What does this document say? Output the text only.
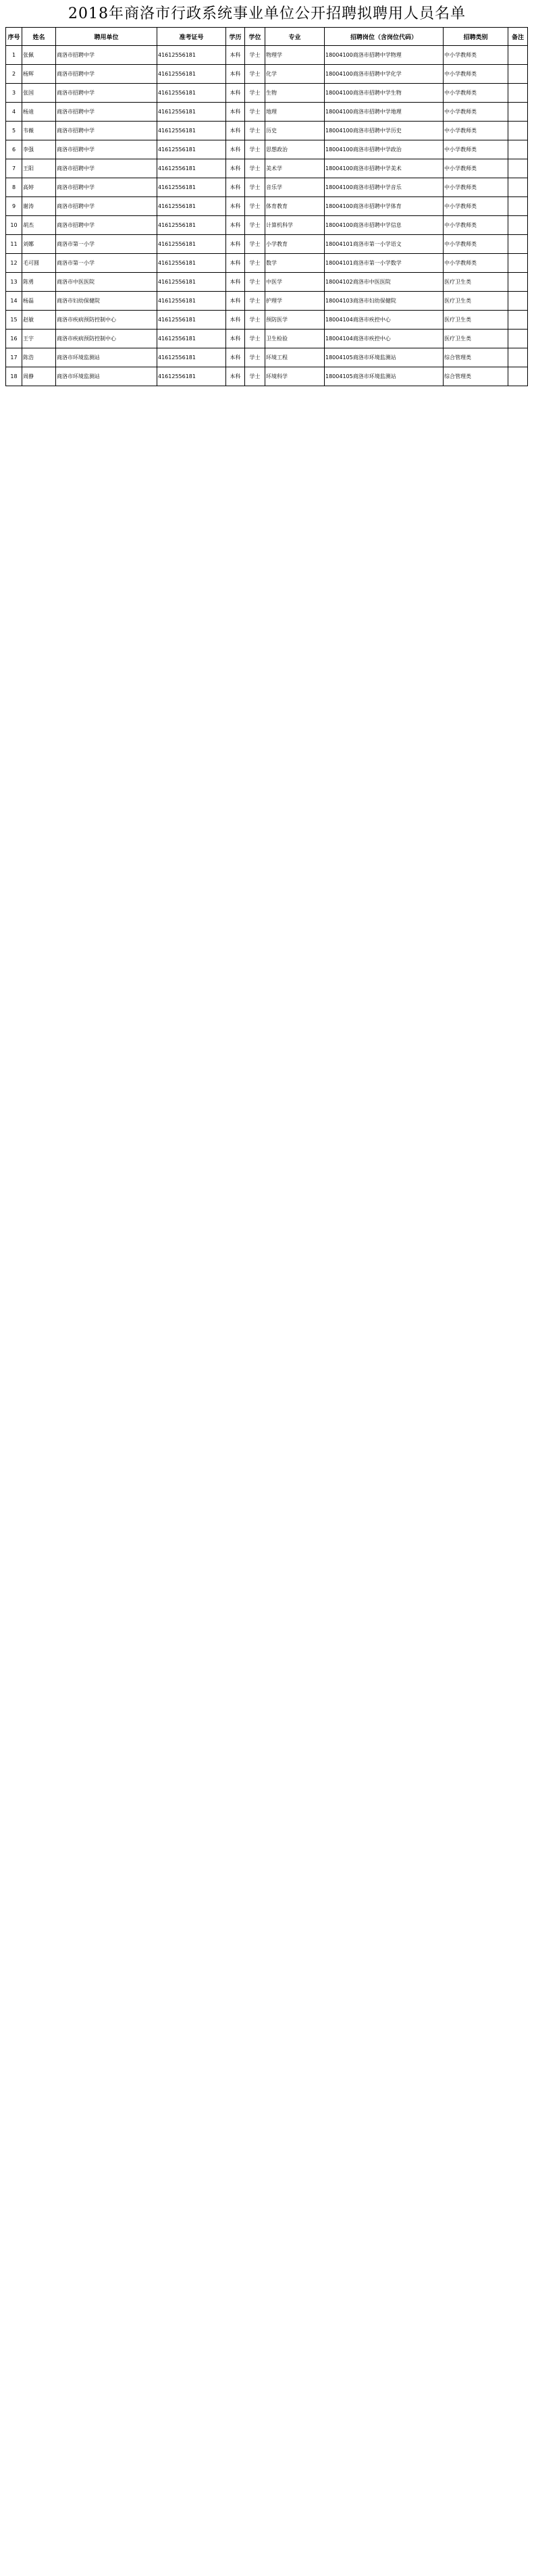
2018年商洛市行政系统事业单位公开招聘拟聘用人员名单
序号	姓名	聘用单位	准考证号	学历	学位	专业	招聘岗位（含岗位代码）	招聘类别	备注
1	张佩	商洛市招聘中学	41612556181	本科	学士	物理学	18004100商洛市招聘中学物理	中小学教师类	
2	杨辉	商洛市招聘中学	41612556181	本科	学士	化学	18004100商洛市招聘中学化学	中小学教师类	
3	张国	商洛市招聘中学	41612556181	本科	学士	生物	18004100商洛市招聘中学生物	中小学教师类	
4	杨迪	商洛市招聘中学	41612556181	本科	学士	地理	18004100商洛市招聘中学地理	中小学教师类	
5	韦薇	商洛市招聘中学	41612556181	本科	学士	历史	18004100商洛市招聘中学历史	中小学教师类	
6	李强	商洛市招聘中学	41612556181	本科	学士	思想政治	18004100商洛市招聘中学政治	中小学教师类	
7	王阳	商洛市招聘中学	41612556181	本科	学士	美术学	18004100商洛市招聘中学美术	中小学教师类	
8	高婷	商洛市招聘中学	41612556181	本科	学士	音乐学	18004100商洛市招聘中学音乐	中小学教师类	
9	谢涛	商洛市招聘中学	41612556181	本科	学士	体育教育	18004100商洛市招聘中学体育	中小学教师类	
10	胡杰	商洛市招聘中学	41612556181	本科	学士	计算机科学	18004100商洛市招聘中学信息	中小学教师类	
11	刘娜	商洛市第一小学	41612556181	本科	学士	小学教育	18004101商洛市第一小学语文	中小学教师类	
12	毛可圆	商洛市第一小学	41612556181	本科	学士	数学	18004101商洛市第一小学数学	中小学教师类	
13	陈勇	商洛市中医医院	41612556181	本科	学士	中医学	18004102商洛市中医医院	医疗卫生类	
14	杨磊	商洛市妇幼保健院	41612556181	本科	学士	护理学	18004103商洛市妇幼保健院	医疗卫生类	
15	赵敏	商洛市疾病预防控制中心	41612556181	本科	学士	预防医学	18004104商洛市疾控中心	医疗卫生类	
16	王宇	商洛市疾病预防控制中心	41612556181	本科	学士	卫生检验	18004104商洛市疾控中心	医疗卫生类	
17	陈浩	商洛市环境监测站	41612556181	本科	学士	环境工程	18004105商洛市环境监测站	综合管理类	
18	周静	商洛市环境监测站	41612556181	本科	学士	环境科学	18004105商洛市环境监测站	综合管理类	
